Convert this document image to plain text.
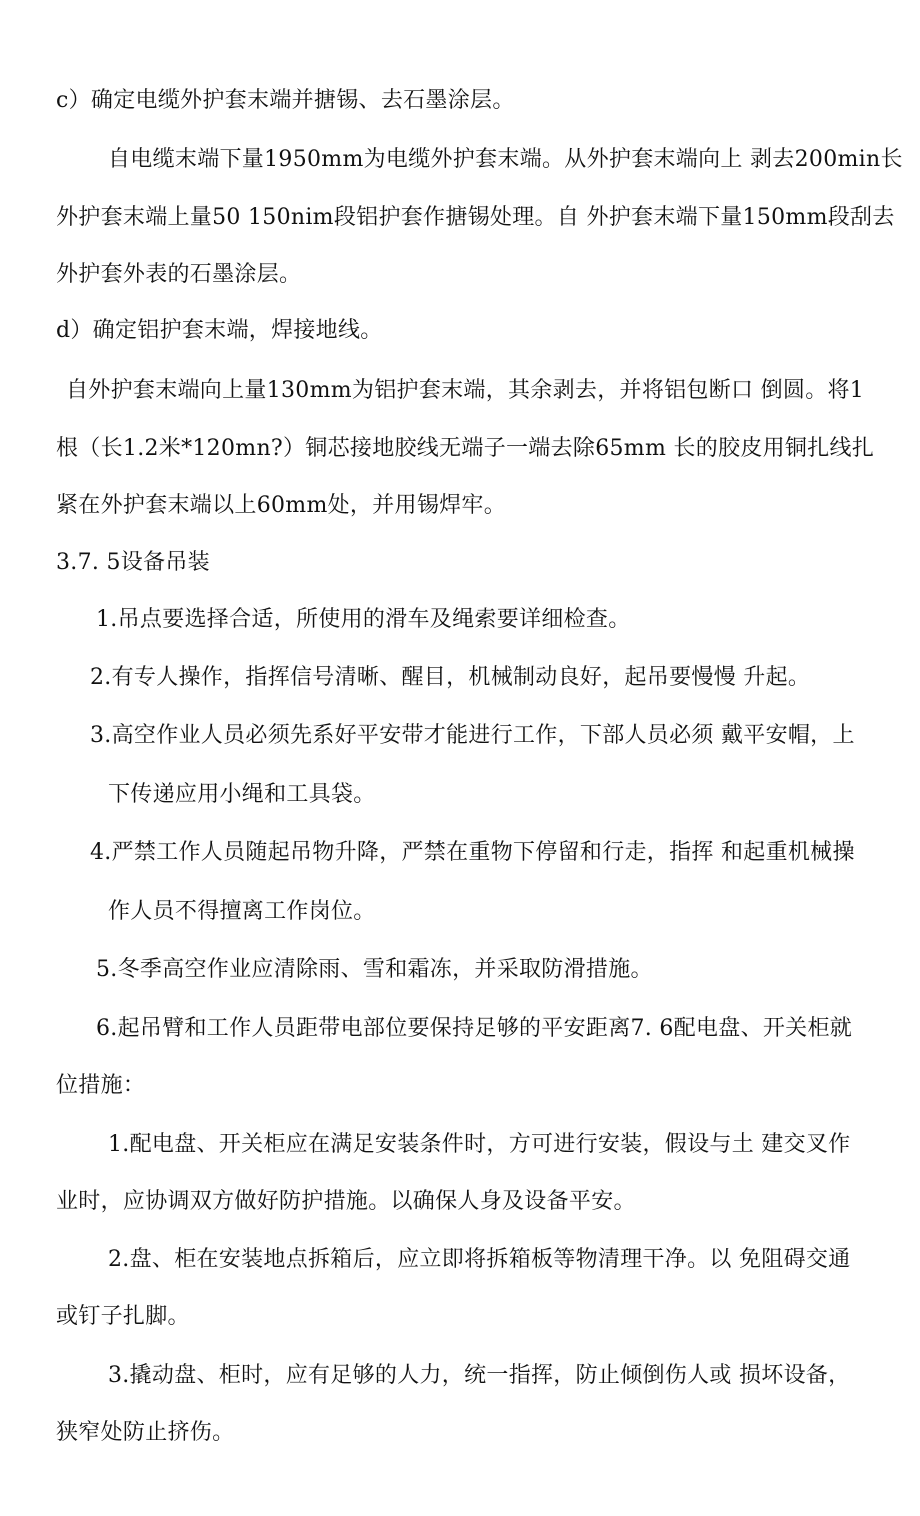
c）确定电缆外护套末端并搪锡、去石墨涂层。

自电缆末端下量1950mm为电缆外护套末端。从外护套末端向上 剥去200min长

外护套末端上量50 150nim段铝护套作搪锡处理。自 外护套末端下量150mm段刮去

外护套外表的石墨涂层。

d）确定铝护套末端，焊接地线。

自外护套末端向上量130mm为铝护套末端，其余剥去，并将铝包断口 倒圆。将1

根（长1.2米*120mn?）铜芯接地胶线无端子一端去除65mm 长的胶皮用铜扎线扎

紧在外护套末端以上60mm处，并用锡焊牢。

3.7. 5设备吊装

1.吊点要选择合适，所使用的滑车及绳索要详细检查。

2.有专人操作，指挥信号清晰、醒目，机械制动良好，起吊要慢慢 升起。

3.高空作业人员必须先系好平安带才能进行工作，下部人员必须 戴平安帽，上

下传递应用小绳和工具袋。

4.严禁工作人员随起吊物升降，严禁在重物下停留和行走，指挥 和起重机械操

作人员不得擅离工作岗位。

5.冬季高空作业应清除雨、雪和霜冻，并采取防滑措施。

6.起吊臂和工作人员距带电部位要保持足够的平安距离7. 6配电盘、开关柜就

位措施：

1.配电盘、开关柜应在满足安装条件时，方可进行安装，假设与土 建交叉作

业时，应协调双方做好防护措施。以确保人身及设备平安。

2.盘、柜在安装地点拆箱后，应立即将拆箱板等物清理干净。以 免阻碍交通

或钉子扎脚。

3.撬动盘、柜时，应有足够的人力，统一指挥，防止倾倒伤人或 损坏设备，

狭窄处防止挤伤。
